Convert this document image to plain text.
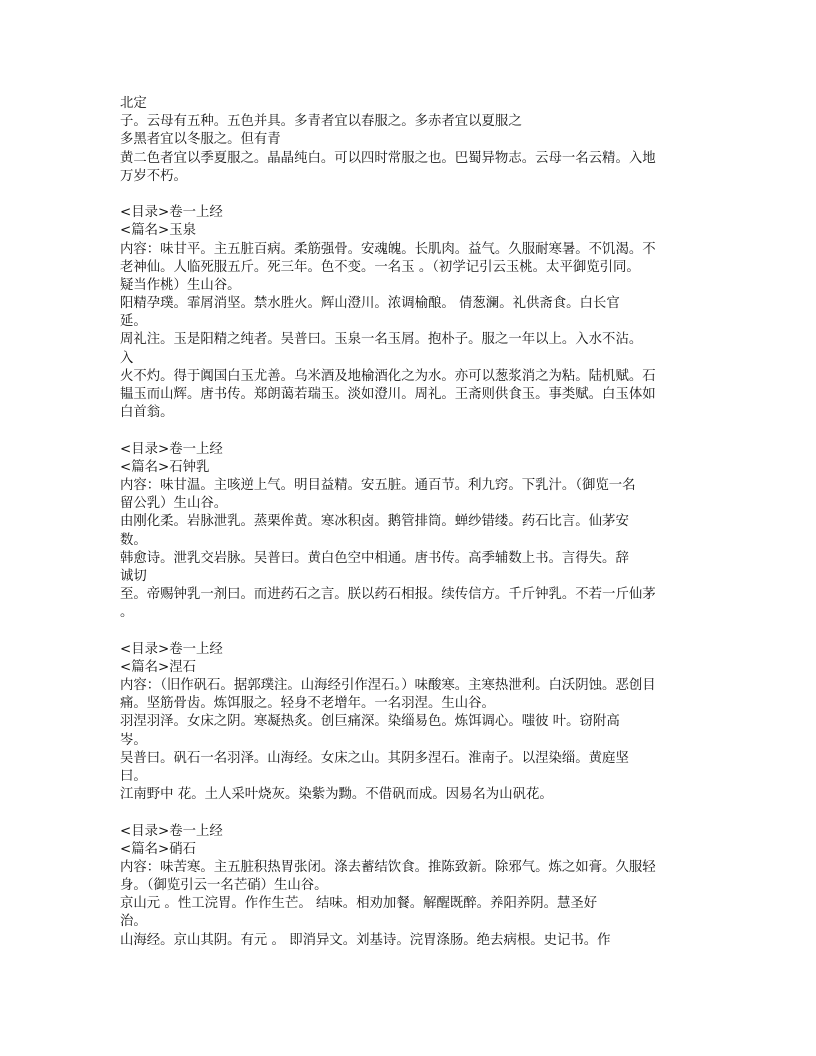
北定
子。云母有五种。五色并具。多青者宜以春服之。多赤者宜以夏服之
多黑者宜以冬服之。但有青
黄二色者宜以季夏服之。晶晶纯白。可以四时常服之也。巴蜀异物志。云母一名云精。入地
万岁不朽。
<目录>卷一上经
<篇名>玉泉
内容：味甘平。主五脏百病。柔筋强骨。安魂魄。长肌肉。益气。久服耐寒暑。不饥渴。不
老神仙。人临死服五斤。死三年。色不变。一名玉 。（初学记引云玉桃。太平御览引同。
疑当作桃）生山谷。
阳精孕璞。霏屑消坚。禁水胜火。辉山澄川。浓调榆酿。 倩葱澜。礼供斋食。白长官
延。
周礼注。玉是阳精之纯者。吴普曰。玉泉一名玉屑。抱朴子。服之一年以上。入水不沾。
入
火不灼。得于阗国白玉尤善。乌米酒及地榆酒化之为水。亦可以葱浆消之为粘。陆机赋。石
韫玉而山辉。唐书传。郑朗蔼若瑞玉。淡如澄川。周礼。王斋则供食玉。事类赋。白玉体如
白首翁。
<目录>卷一上经
<篇名>石钟乳
内容：味甘温。主咳逆上气。明目益精。安五脏。通百节。利九窍。下乳汁。（御览一名
留公乳）生山谷。
由刚化柔。岩脉泄乳。蒸栗侔黄。寒冰积卤。鹅管排筒。蝉纱错缕。药石比言。仙茅安
数。
韩愈诗。泄乳交岩脉。吴普曰。黄白色空中相通。唐书传。高季辅数上书。言得失。辞
诚切
至。帝赐钟乳一剂曰。而进药石之言。朕以药石相报。续传信方。千斤钟乳。不若一斤仙茅
。
<目录>卷一上经
<篇名>涅石
内容：（旧作矾石。据郭璞注。山海经引作涅石。）味酸寒。主寒热泄利。白沃阴蚀。恶创目
痛。坚筋骨齿。炼饵服之。轻身不老增年。一名羽涅。生山谷。
羽涅羽泽。女床之阴。寒凝热炙。创巨痛深。染缁易色。炼饵调心。嗤彼 叶。窃附高
岑。
吴普曰。矾石一名羽泽。山海经。女床之山。其阴多涅石。淮南子。以涅染缁。黄庭坚
曰。
江南野中 花。土人采叶烧灰。染紫为黝。不借矾而成。因易名为山矾花。
<目录>卷一上经
<篇名>硝石
内容：味苦寒。主五脏积热胃张闭。涤去蓄结饮食。推陈致新。除邪气。炼之如膏。久服轻
身。（御览引云一名芒硝）生山谷。
京山元 。性工浣胃。作作生芒。 结味。相劝加餐。解醒既醉。养阳养阴。慧圣好
治。
山海经。京山其阴。有元 。 即消异文。刘基诗。浣胃涤肠。绝去病根。史记书。作
